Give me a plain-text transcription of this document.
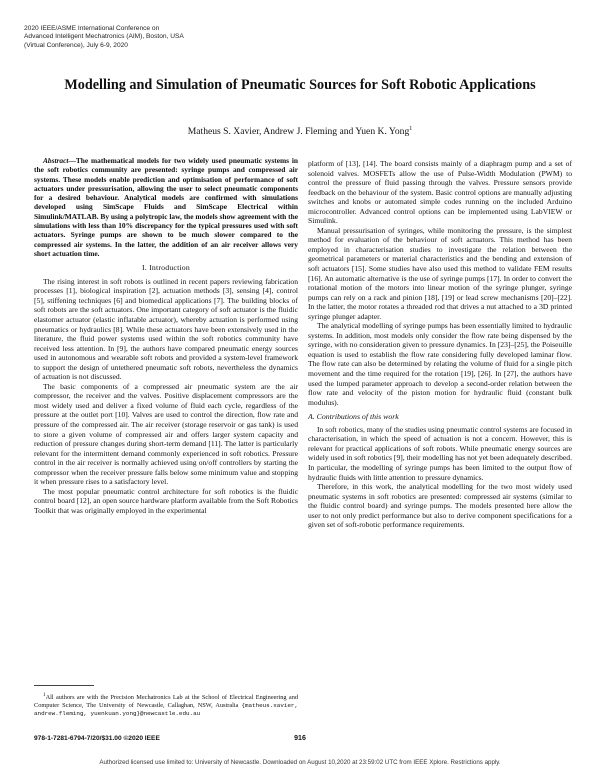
2020 IEEE/ASME International Conference on
Advanced Intelligent Mechatronics (AIM), Boston, USA
(Virtual Conference), July 6-9, 2020
Modelling and Simulation of Pneumatic Sources for Soft Robotic Applications
Matheus S. Xavier, Andrew J. Fleming and Yuen K. Yong$^1$

Abstract—The mathematical models for two widely used pneumatic systems in the soft robotics community are presented: syringe pumps and compressed air systems. These models enable prediction and optimisation of performance of soft actuators under pressurisation, allowing the user to select pneumatic components for a desired behaviour. Analytical models are confirmed with simulations developed using SimScape Fluids and SimScape Electrical within Simulink/MATLAB. By using a polytropic law, the models show agreement with the simulations with less than 10% discrepancy for the typical pressures used with soft actuators. Syringe pumps are shown to be much slower compared to the compressed air systems. In the latter, the addition of an air receiver allows very short actuation time.

I. Introduction

The rising interest in soft robots is outlined in recent papers reviewing fabrication processes [1], biological inspiration [2], actuation methods [3], sensing [4], control [5], stiffening techniques [6] and biomedical applications [7]. The building blocks of soft robots are the soft actuators. One important category of soft actuator is the fluidic elastomer actuator (elastic inflatable actuator), whereby actuation is performed using pneumatics or hydraulics [8]. While these actuators have been extensively used in the literature, the fluid power systems used within the soft robotics community have received less attention. In [9], the authors have compared pneumatic energy sources used in autonomous and wearable soft robots and provided a system-level framework to support the design of untethered pneumatic soft robots, nevertheless the dynamics of actuation is not discussed.

The basic components of a compressed air pneumatic system are the air compressor, the receiver and the valves. Positive displacement compressors are the most widely used and deliver a fixed volume of fluid each cycle, regardless of the pressure at the outlet port [10]. Valves are used to control the direction, flow rate and pressure of the compressed air. The air receiver (storage reservoir or gas tank) is used to store a given volume of compressed air and offers larger system capacity and reduction of pressure changes during short-term demand [11]. The latter is particularly relevant for the intermittent demand commonly experienced in soft robotics. Pressure control in the air receiver is normally achieved using on/off controllers by starting the compressor when the receiver pressure falls below some minimum value and stopping it when pressure rises to a satisfactory level.

The most popular pneumatic control architecture for soft robotics is the fluidic control board [12], an open source hardware platform available from the Soft Robotics Toolkit that was originally employed in the experimental

$^1$All authors are with the Precision Mechatronics Lab at the School of Electrical Engineering and Computer Science, The University of Newcastle, Callaghan, NSW, Australia {matheus.xavier, andrew.fleming, yuenkuan.yong}@newcastle.edu.au

platform of [13], [14]. The board consists mainly of a diaphragm pump and a set of solenoid valves. MOSFETs allow the use of Pulse-Width Modulation (PWM) to control the pressure of fluid passing through the valves. Pressure sensors provide feedback on the behaviour of the system. Basic control options are manually adjusting switches and knobs or automated simple codes running on the included Arduino microcontroller. Advanced control options can be implemented using LabVIEW or Simulink.

Manual pressurisation of syringes, while monitoring the pressure, is the simplest method for evaluation of the behaviour of soft actuators. This method has been employed in characterisation studies to investigate the relation between the geometrical parameters or material characteristics and the bending and extension of soft actuators [15]. Some studies have also used this method to validate FEM results [16]. An automatic alternative is the use of syringe pumps [17]. In order to convert the rotational motion of the motors into linear motion of the syringe plunger, syringe pumps can rely on a rack and pinion [18], [19] or lead screw mechanisms [20]–[22]. In the latter, the motor rotates a threaded rod that drives a nut attached to a 3D printed syringe plunger adapter.

The analytical modelling of syringe pumps has been essentially limited to hydraulic systems. In addition, most models only consider the flow rate being dispensed by the syringe, with no consideration given to pressure dynamics. In [23]–[25], the Poiseuille equation is used to establish the flow rate considering fully developed laminar flow. The flow rate can also be determined by relating the volume of fluid for a single pitch movement and the time required for the rotation [19], [26]. In [27], the authors have used the lumped parameter approach to develop a second-order relation between the flow rate and velocity of the piston motion for hydraulic fluid (constant bulk modulus).

A. Contributions of this work

In soft robotics, many of the studies using pneumatic control systems are focused in characterisation, in which the speed of actuation is not a concern. However, this is relevant for practical applications of soft robots. While pneumatic energy sources are widely used in soft robotics [9], their modelling has not yet been adequately described. In particular, the modelling of syringe pumps has been limited to the output flow of hydraulic fluids with little attention to pressure dynamics.

Therefore, in this work, the analytical modelling for the two most widely used pneumatic systems in soft robotics are presented: compressed air systems (similar to the fluidic control board) and syringe pumps. The models presented here allow the user to not only predict performance but also to derive component specifications for a given set of soft-robotic performance requirements.

978-1-7281-6794-7/20/$31.00 ©2020 IEEE	916
Authorized licensed use limited to: University of Newcastle. Downloaded on August 10,2020 at 23:59:02 UTC from IEEE Xplore. Restrictions apply.
